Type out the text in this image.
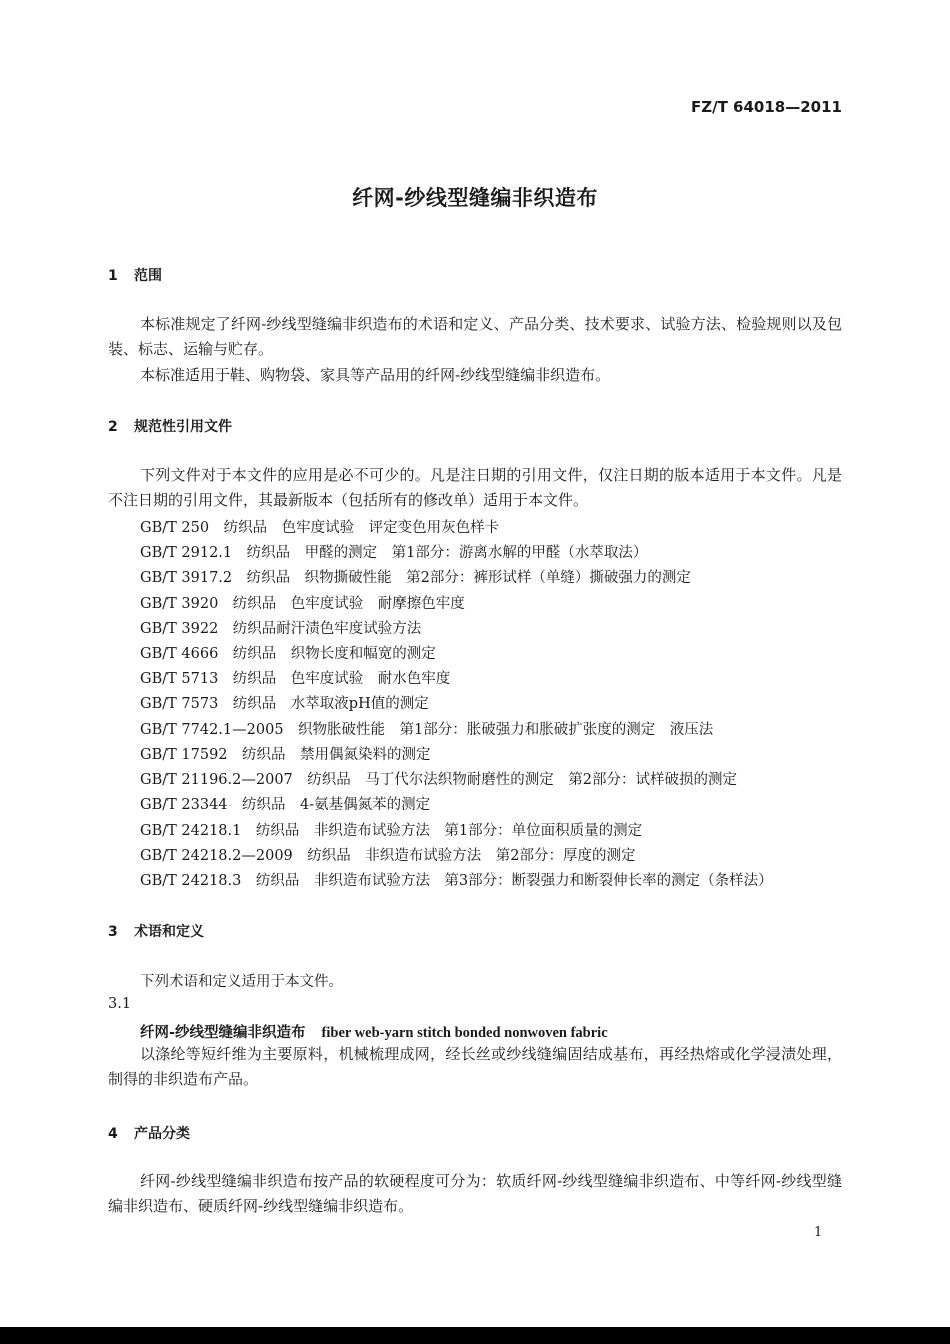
FZ/T 64018—2011
纤网-纱线型缝编非织造布
1 范围
本标准规定了纤网-纱线型缝编非织造布的术语和定义、产品分类、技术要求、试验方法、检验规则以及包装、标志、运输与贮存。
本标准适用于鞋、购物袋、家具等产品用的纤网-纱线型缝编非织造布。
2 规范性引用文件
下列文件对于本文件的应用是必不可少的。凡是注日期的引用文件，仅注日期的版本适用于本文件。凡是不注日期的引用文件，其最新版本（包括所有的修改单）适用于本文件。
GB/T 250　纺织品　色牢度试验　评定变色用灰色样卡
GB/T 2912.1　纺织品　甲醛的测定　第1部分：游离水解的甲醛（水萃取法）
GB/T 3917.2　纺织品　织物撕破性能　第2部分：裤形试样（单缝）撕破强力的测定
GB/T 3920　纺织品　色牢度试验　耐摩擦色牢度
GB/T 3922　纺织品耐汗渍色牢度试验方法
GB/T 4666　纺织品　织物长度和幅宽的测定
GB/T 5713　纺织品　色牢度试验　耐水色牢度
GB/T 7573　纺织品　水萃取液pH值的测定
GB/T 7742.1—2005　织物胀破性能　第1部分：胀破强力和胀破扩张度的测定　液压法
GB/T 17592　纺织品　禁用偶氮染料的测定
GB/T 21196.2—2007　纺织品　马丁代尔法织物耐磨性的测定　第2部分：试样破损的测定
GB/T 23344　纺织品　4-氨基偶氮苯的测定
GB/T 24218.1　纺织品　非织造布试验方法　第1部分：单位面积质量的测定
GB/T 24218.2—2009　纺织品　非织造布试验方法　第2部分：厚度的测定
GB/T 24218.3　纺织品　非织造布试验方法　第3部分：断裂强力和断裂伸长率的测定（条样法）
3 术语和定义
下列术语和定义适用于本文件。
3.1
纤网-纱线型缝编非织造布 fiber web-yarn stitch bonded nonwoven fabric
以涤纶等短纤维为主要原料，机械梳理成网，经长丝或纱线缝编固结成基布，再经热熔或化学浸渍处理，制得的非织造布产品。
4 产品分类
纤网-纱线型缝编非织造布按产品的软硬程度可分为：软质纤网-纱线型缝编非织造布、中等纤网-纱线型缝编非织造布、硬质纤网-纱线型缝编非织造布。
1
